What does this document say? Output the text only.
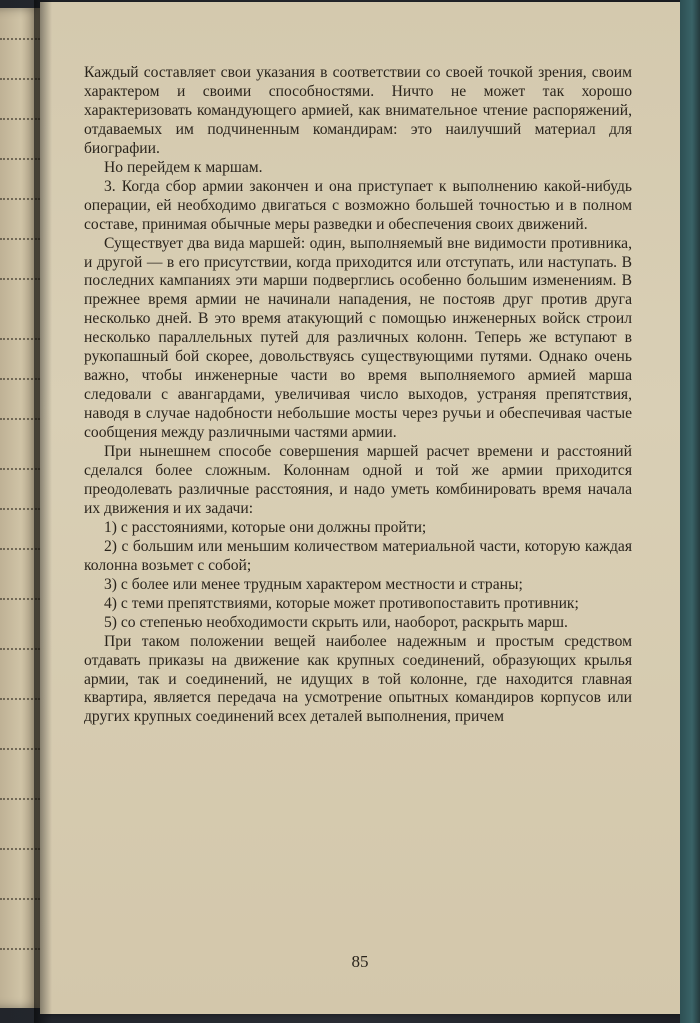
Каждый составляет свои указания в соответствии со своей точкой зрения, своим характером и своими способностями. Ничто не может так хорошо характеризовать командующего армией, как внимательное чтение распоряжений, отдаваемых им подчиненным командирам: это наилучший материал для биографии.

Но перейдем к маршам.

3. Когда сбор армии закончен и она приступает к выполнению какой-нибудь операции, ей необходимо двигаться с возможно большей точностью и в полном составе, принимая обычные меры разведки и обеспечения своих движений.

Существует два вида маршей: один, выполняемый вне видимости противника, и другой — в его присутствии, когда приходится или отступать, или наступать. В последних кампаниях эти марши подверглись особенно большим изменениям. В прежнее время армии не начинали нападения, не постояв друг против друга несколько дней. В это время атакующий с помощью инженерных войск строил несколько параллельных путей для различных колонн. Теперь же вступают в рукопашный бой скорее, довольствуясь существующими путями. Однако очень важно, чтобы инженерные части во время выполняемого армией марша следовали с авангардами, увеличивая число выходов, устраняя препятствия, наводя в случае надобности небольшие мосты через ручьи и обеспечивая частые сообщения между различными частями армии.

При нынешнем способе совершения маршей расчет времени и расстояний сделался более сложным. Колоннам одной и той же армии приходится преодолевать различные расстояния, и надо уметь комбинировать время начала их движения и их задачи:

1) с расстояниями, которые они должны пройти;

2) с большим или меньшим количеством материальной части, которую каждая колонна возьмет с собой;

3) с более или менее трудным характером местности и страны;

4) с теми препятствиями, которые может противопоставить противник;

5) со степенью необходимости скрыть или, наоборот, раскрыть марш.

При таком положении вещей наиболее надежным и простым средством отдавать приказы на движение как крупных соединений, образующих крылья армии, так и соединений, не идущих в той колонне, где находится главная квартира, является передача на усмотрение опытных командиров корпусов или других крупных соединений всех деталей выполнения, причем

85
